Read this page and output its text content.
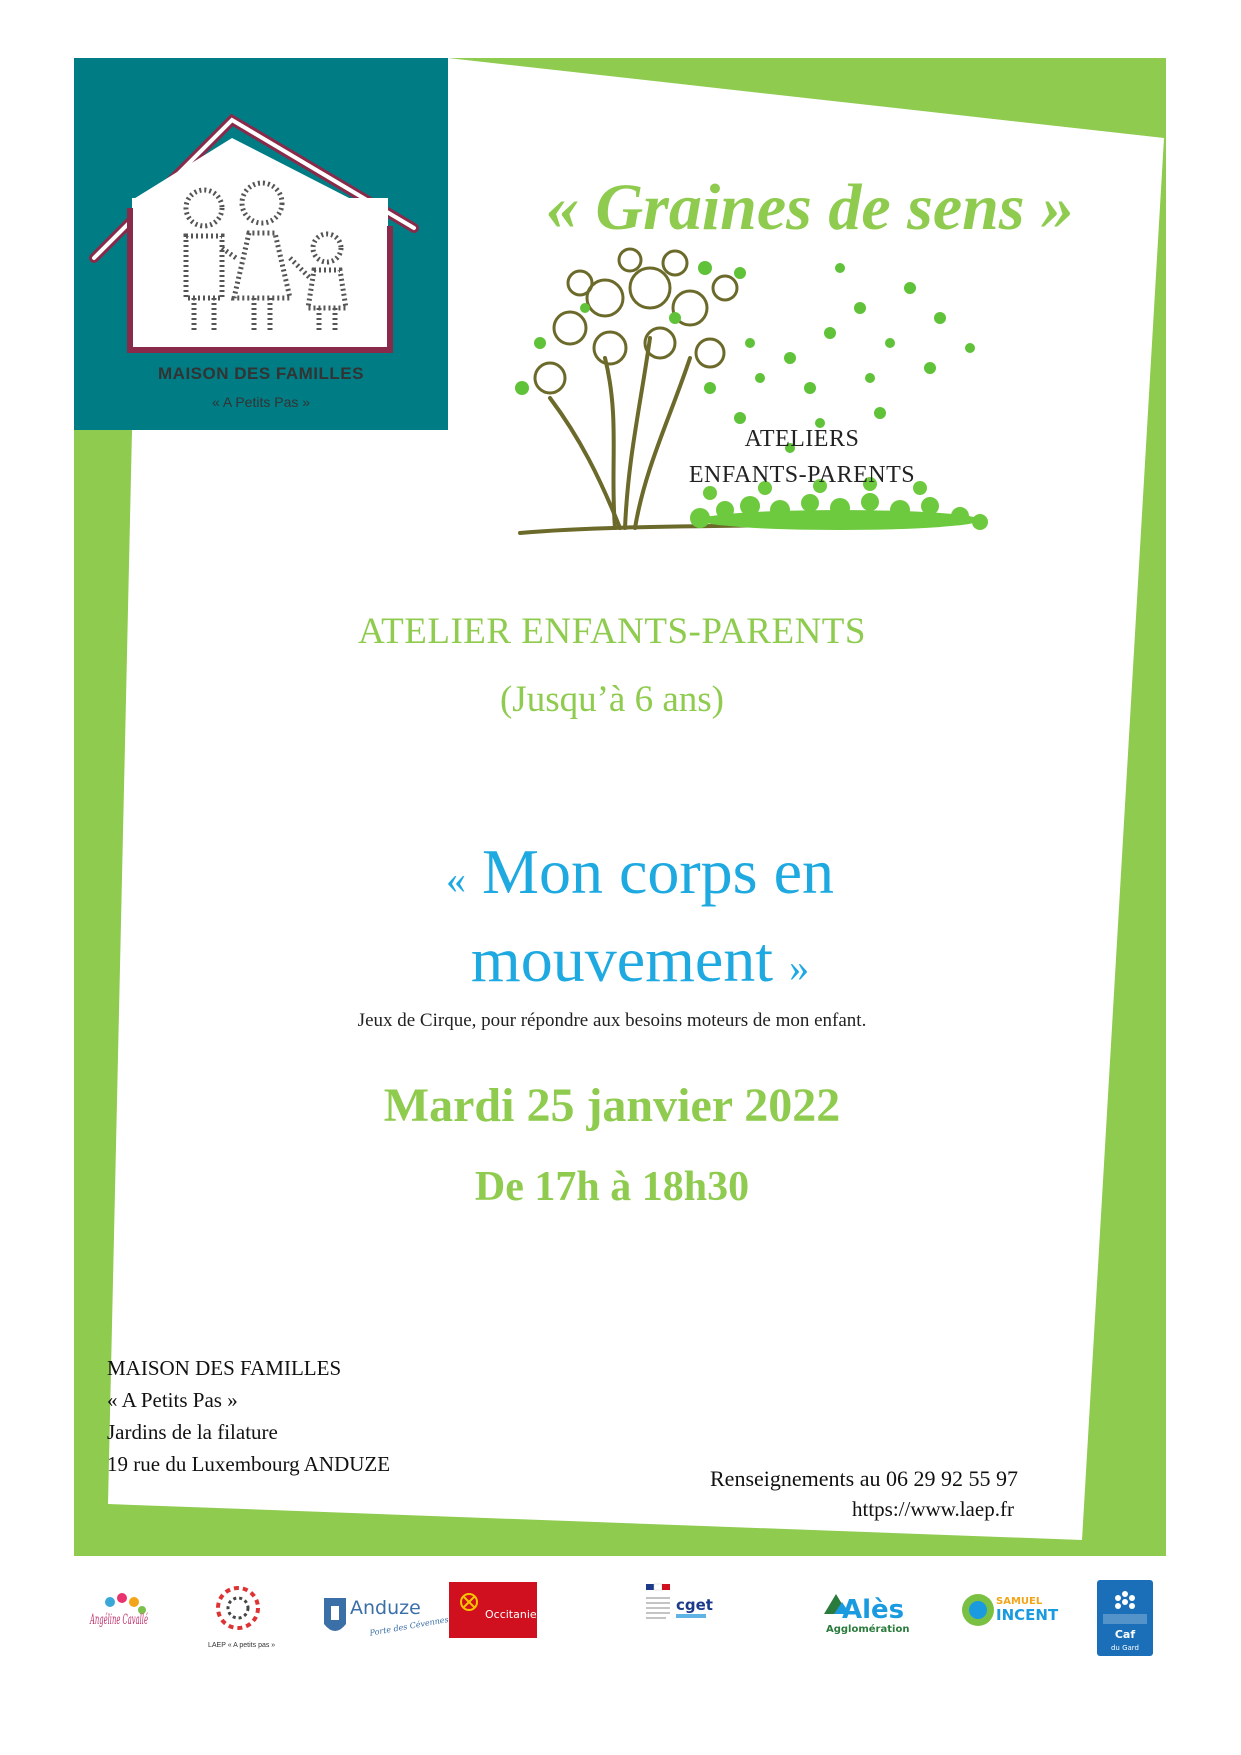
MAISON DES FAMILLES
« A Petits Pas »
« Graines de sens »
ATELIERS
ENFANTS-PARENTS
ATELIER ENFANTS-PARENTS
(Jusqu’à 6 ans)
« Mon corps en
mouvement »
Jeux de Cirque, pour répondre aux besoins moteurs de mon enfant.
Mardi 25 janvier 2022
De 17h à 18h30
MAISON DES FAMILLES
« A Petits Pas »
Jardins de la filature
19 rue du Luxembourg ANDUZE
Renseignements au 06 29 92 55 97
https://www.laep.fr
Angéline Cavallé
LAEP « A petits pas »
Anduze
Porte des Cévennes
Occitanie
cget	Alès
Agglomération
SAMUEL
INCENT
Caf
du Gard
